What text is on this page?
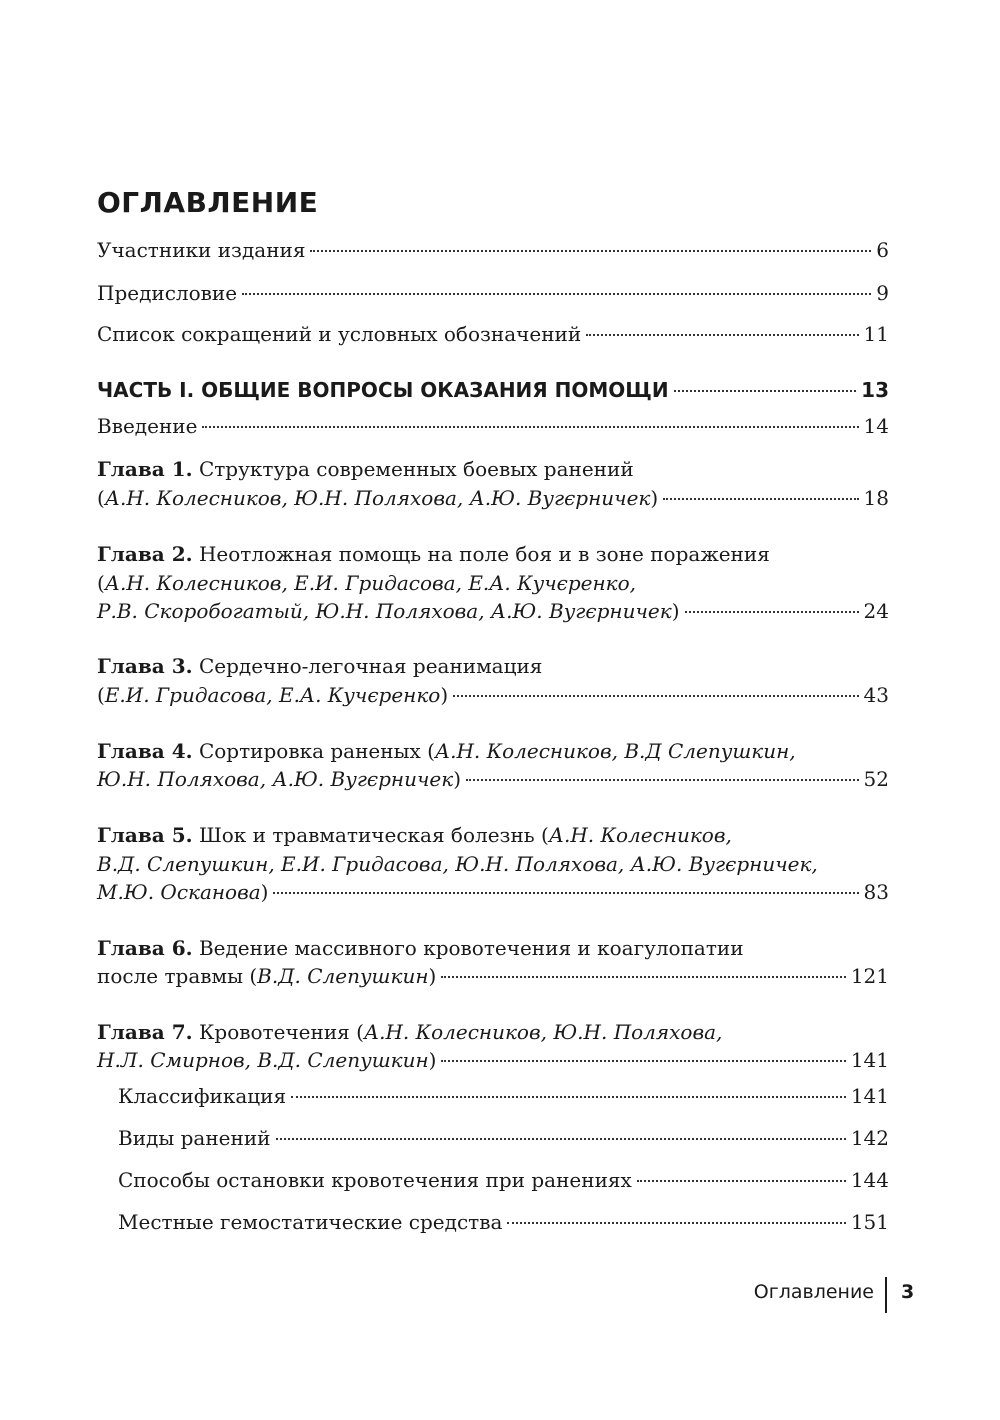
ОГЛАВЛЕНИЕ
Участники издания	6
Предисловие	9
Список сокращений и условных обозначений	11
ЧАСТЬ I. ОБЩИЕ ВОПРОСЫ ОКАЗАНИЯ ПОМОЩИ	13
Введение	14
Глава 1. Структура современных боевых ранений
(А.Н. Колесников, Ю.Н. Поляхова, А.Ю. Вугєрничек)	18
Глава 2. Неотложная помощь на поле боя и в зоне поражения
(А.Н. Колесников, Е.И. Гридасова, Е.А. Кучєренко,
Р.В. Скоробогатый, Ю.Н. Поляхова, А.Ю. Вугєрничек)	24
Глава 3. Сердечно-легочная реанимация
(Е.И. Гридасова, Е.А. Кучєренко)	43
Глава 4. Сортировка раненых (А.Н. Колесников, В.Д Слепушкин,
Ю.Н. Поляхова, А.Ю. Вугєрничек)	52
Глава 5. Шок и травматическая болезнь (А.Н. Колесников,
В.Д. Слепушкин, Е.И. Гридасова, Ю.Н. Поляхова, А.Ю. Вугєрничек,
М.Ю. Осканова)	83
Глава 6. Ведение массивного кровотечения и коагулопатии
после травмы (В.Д. Слепушкин)	121
Глава 7. Кровотечения (А.Н. Колесников, Ю.Н. Поляхова,
Н.Л. Смирнов, В.Д. Слепушкин)	141
Классификация	141
Виды ранений	142
Способы остановки кровотечения при ранениях	144
Местные гемостатические средства	151
Оглавление 3
